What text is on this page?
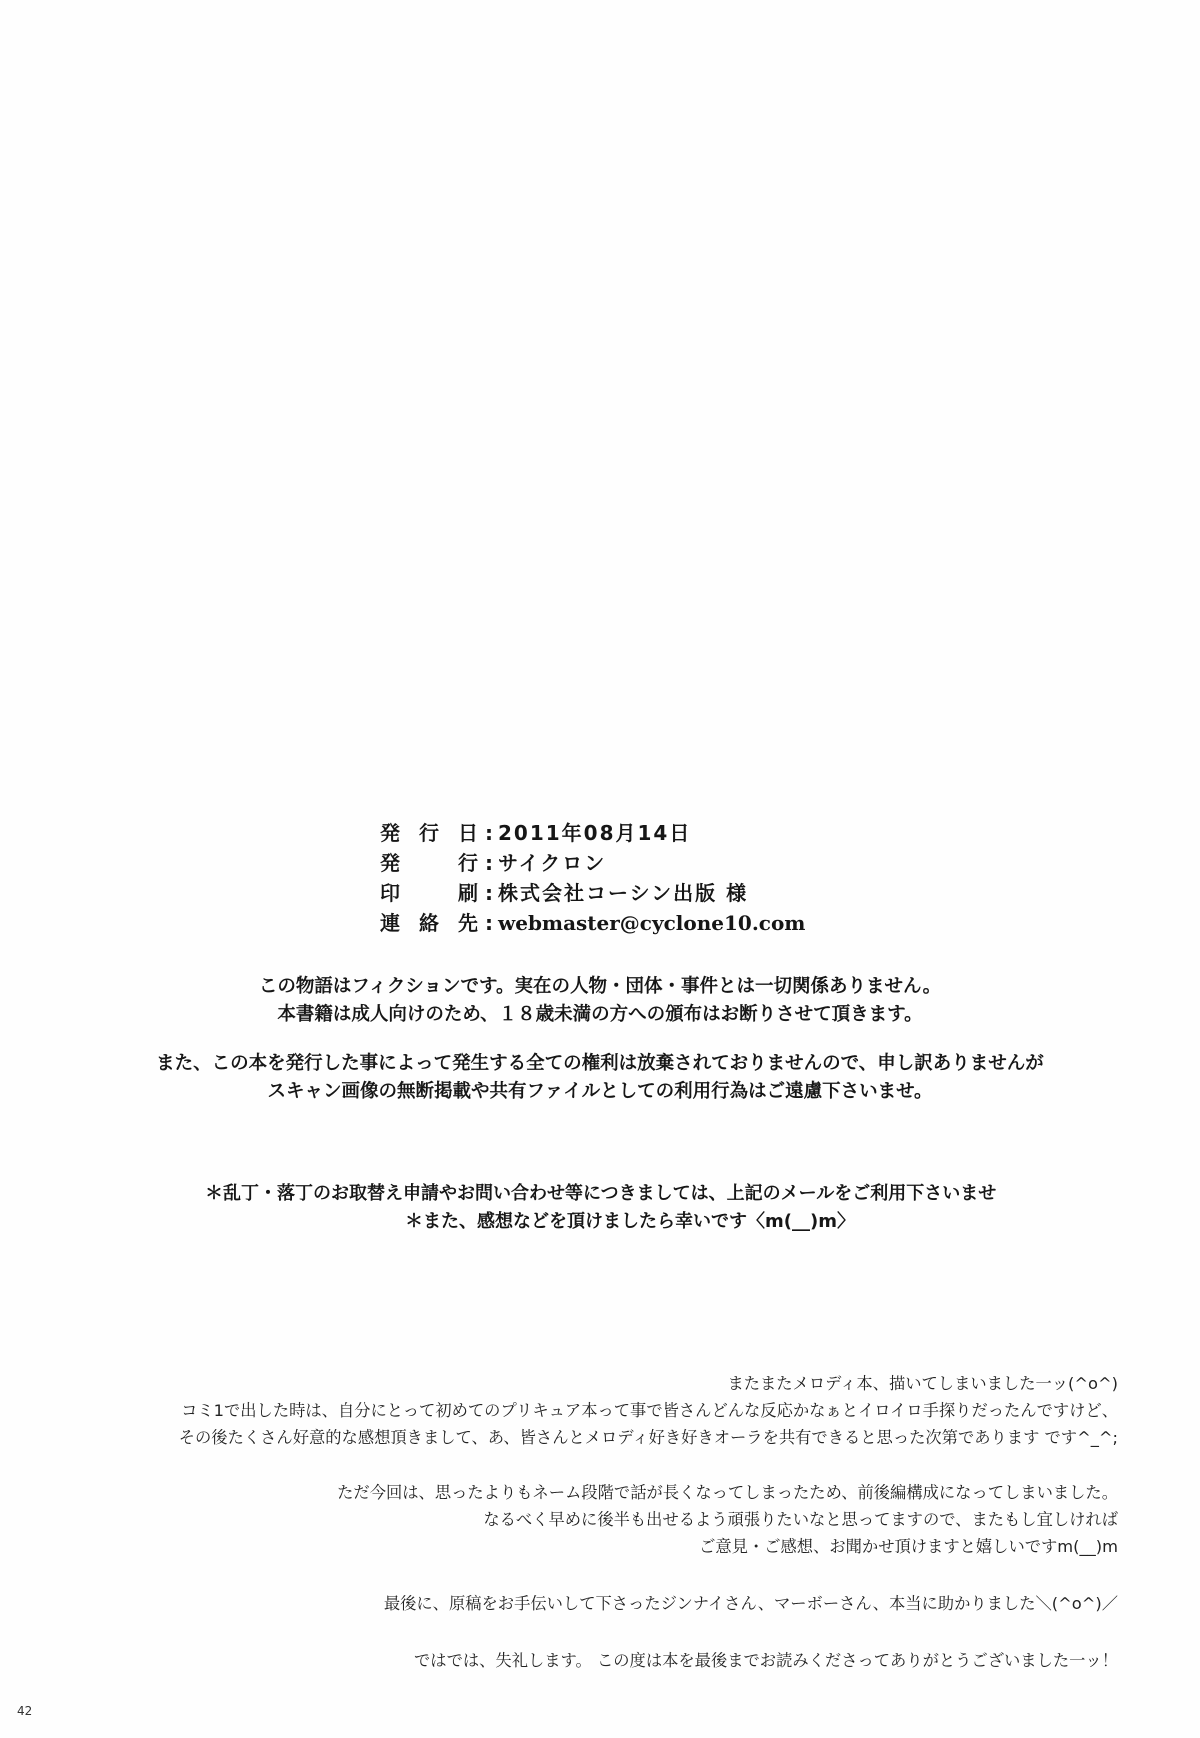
発行日 : 2011年08月14日
発行 : サイクロン
印刷 : 株式会社コーシン出版 様
連絡先 : webmaster@cyclone10.com

この物語はフィクションです。実在の人物・団体・事件とは一切関係ありません。

本書籍は成人向けのため、１８歳未満の方への頒布はお断りさせて頂きます。

また、この本を発行した事によって発生する全ての権利は放棄されておりませんので、申し訳ありませんが

スキャン画像の無断掲載や共有ファイルとしての利用行為はご遠慮下さいませ。

＊乱丁・落丁のお取替え申請やお問い合わせ等につきましては、上記のメールをご利用下さいませ

＊また、感想などを頂けましたら幸いです〈m(__)m〉

またまたメロディ本、描いてしまいました一ッ(^o^)

コミ1で出した時は、自分にとって初めてのプリキュア本って事で皆さんどんな反応かなぁとイロイロ手探りだったんですけど、

その後たくさん好意的な感想頂きまして、あ、皆さんとメロディ好き好きオーラを共有できると思った次第であります です^_^;

ただ今回は、思ったよりもネーム段階で話が長くなってしまったため、前後編構成になってしまいました。

なるべく早めに後半も出せるよう頑張りたいなと思ってますので、またもし宜しければ

ご意見・ご感想、お聞かせ頂けますと嬉しいですm(__)m

最後に、原稿をお手伝いして下さったジンナイさん、マーボーさん、本当に助かりました＼(^o^)／

ではでは、失礼します。 この度は本を最後までお読みくださってありがとうございました一ッ！

42
